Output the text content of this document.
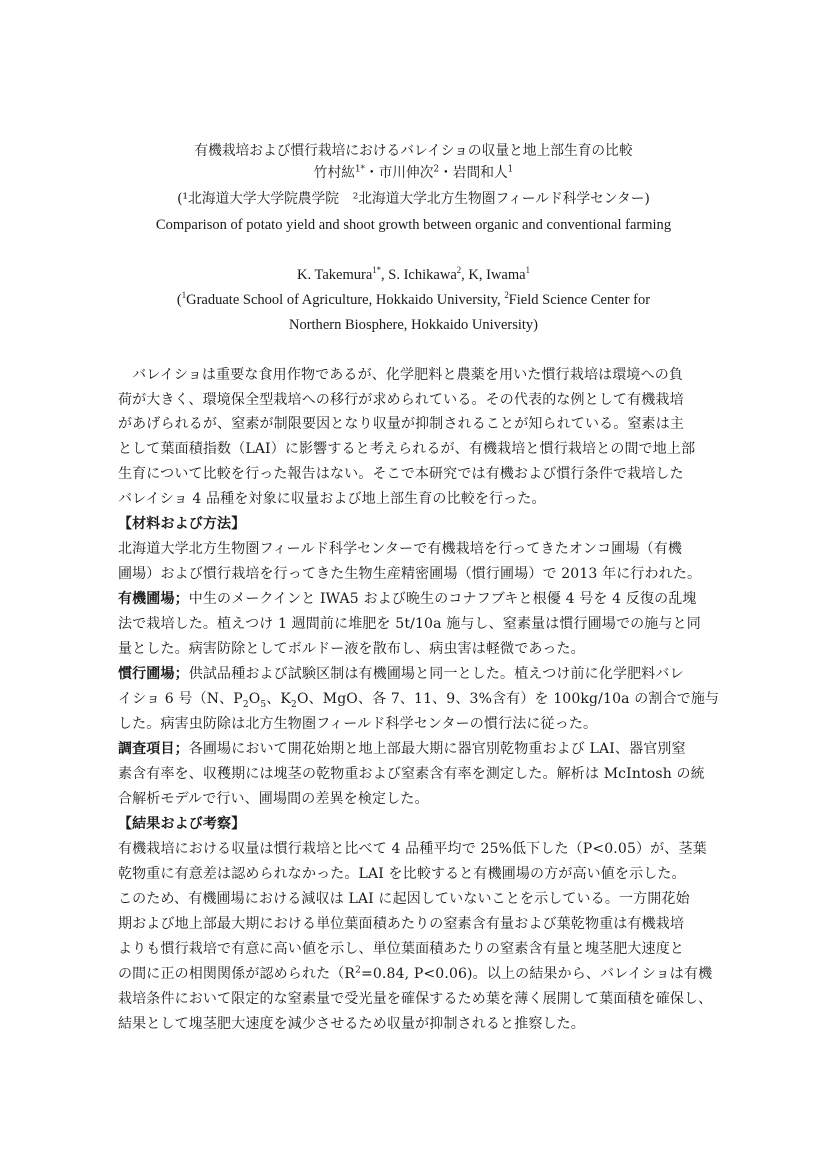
有機栽培および慣行栽培におけるバレイショの収量と地上部生育の比較
竹村紘$^{1*}$・市川伸次$^2$・岩間和人$^1$
(¹北海道大学大学院農学院　²北海道大学北方生物圏フィールド科学センター)
Comparison of potato yield and shoot growth between organic and conventional farming
K. Takemura$^{1*}$, S. Ichikawa$^2$, K, Iwama$^1$
($^1$Graduate School of Agriculture, Hokkaido University, $^2$Field Science Center for
Northern Biosphere, Hokkaido University)
　バレイショは重要な食用作物であるが、化学肥料と農薬を用いた慣行栽培は環境への負
荷が大きく、環境保全型栽培への移行が求められている。その代表的な例として有機栽培
があげられるが、窒素が制限要因となり収量が抑制されることが知られている。窒素は主
として葉面積指数（LAI）に影響すると考えられるが、有機栽培と慣行栽培との間で地上部
生育について比較を行った報告はない。そこで本研究では有機および慣行条件で栽培した
バレイショ 4 品種を対象に収量および地上部生育の比較を行った。
【材料および方法】
北海道大学北方生物圏フィールド科学センターで有機栽培を行ってきたオンコ圃場（有機
圃場）および慣行栽培を行ってきた生物生産精密圃場（慣行圃場）で 2013 年に行われた。
有機圃場；中生のメークインと IWA5 および晩生のコナフブキと根優 4 号を 4 反復の乱塊
法で栽培した。植えつけ 1 週間前に堆肥を 5t/10a 施与し、窒素量は慣行圃場での施与と同
量とした。病害防除としてボルドー液を散布し、病虫害は軽微であった。
慣行圃場；供試品種および試験区制は有機圃場と同一とした。植えつけ前に化学肥料バレ
イショ 6 号（N、$P_2O_5$、$K_2O$、MgO、各 7、11、9、3%含有）を 100kg/10a の割合で施与
した。病害虫防除は北方生物圏フィールド科学センターの慣行法に従った。
調査項目；各圃場において開花始期と地上部最大期に器官別乾物重および LAI、器官別窒
素含有率を、収穫期には塊茎の乾物重および窒素含有率を測定した。解析は McIntosh の統
合解析モデルで行い、圃場間の差異を検定した。
【結果および考察】
有機栽培における収量は慣行栽培と比べて 4 品種平均で 25%低下した（P<0.05）が、茎葉
乾物重に有意差は認められなかった。LAI を比較すると有機圃場の方が高い値を示した。
このため、有機圃場における減収は LAI に起因していないことを示している。一方開花始
期および地上部最大期における単位葉面積あたりの窒素含有量および葉乾物重は有機栽培
よりも慣行栽培で有意に高い値を示し、単位葉面積あたりの窒素含有量と塊茎肥大速度と
の間に正の相関関係が認められた（$R^2=0.84$, P<0.06)。以上の結果から、バレイショは有機
栽培条件において限定的な窒素量で受光量を確保するため葉を薄く展開して葉面積を確保し、
結果として塊茎肥大速度を減少させるため収量が抑制されると推察した。
